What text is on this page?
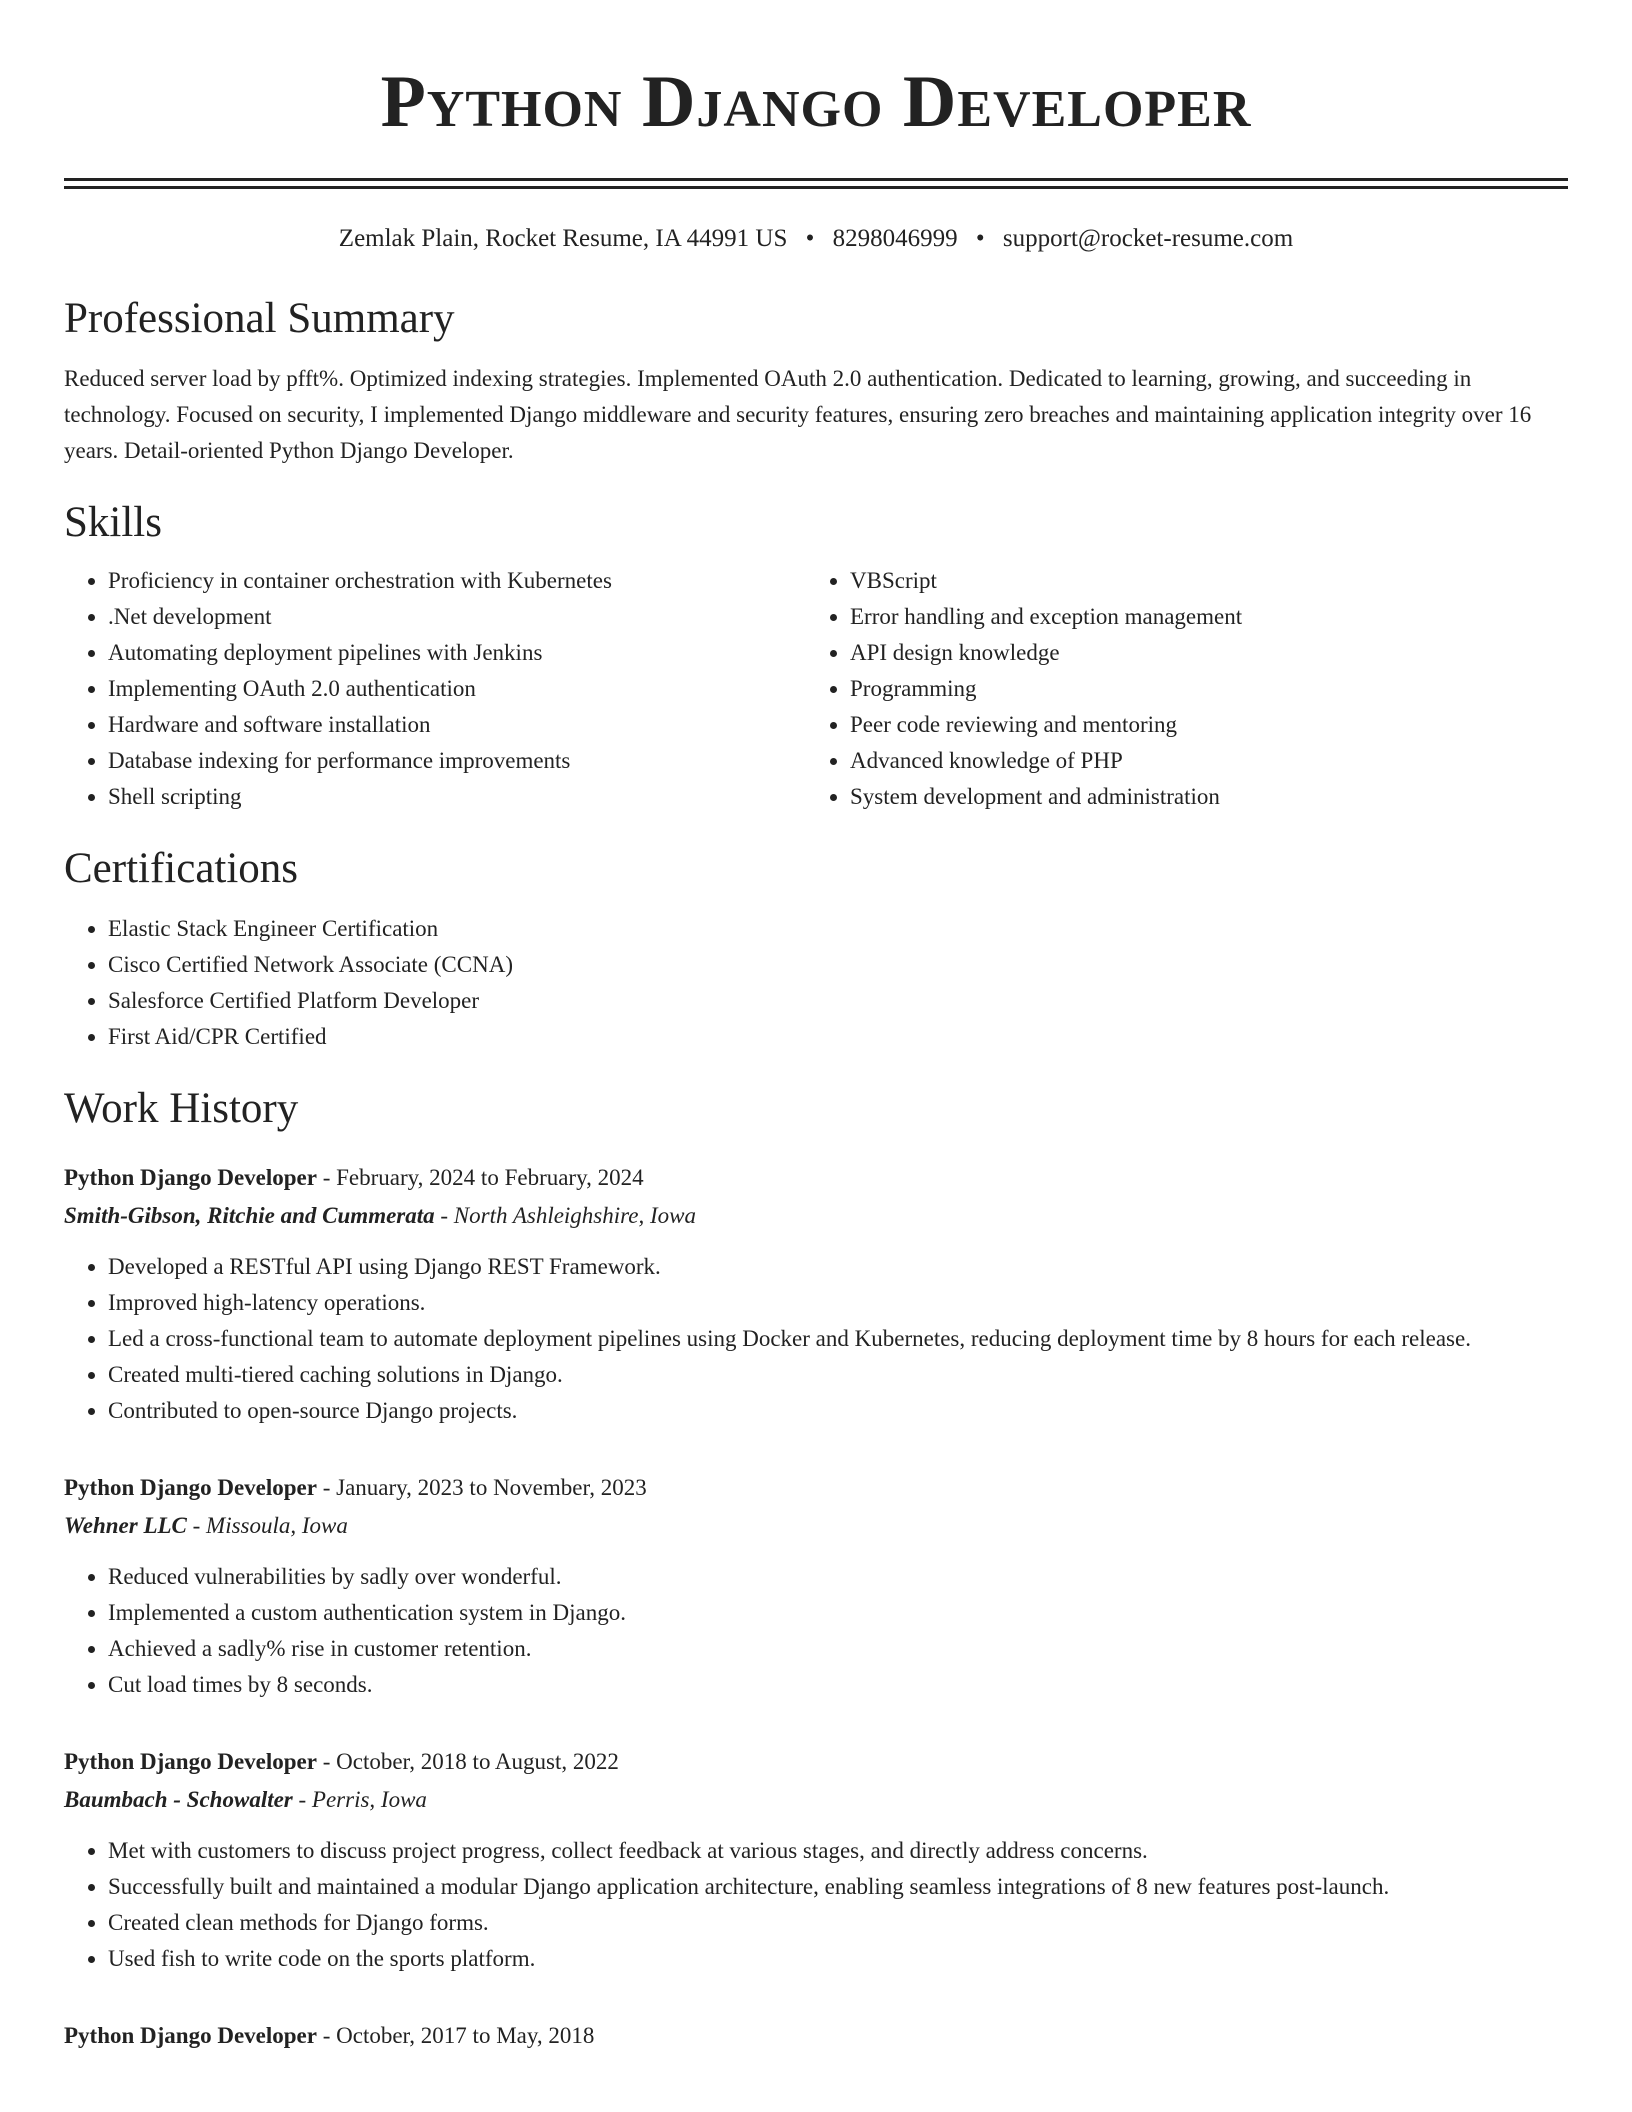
Python Django Developer
Zemlak Plain, Rocket Resume, IA 44991 US • 8298046999 • support@rocket-resume.com
Professional Summary

Reduced server load by pfft%. Optimized indexing strategies. Implemented OAuth 2.0 authentication. Dedicated to learning, growing, and succeeding in technology. Focused on security, I implemented Django middleware and security features, ensuring zero breaches and maintaining application integrity over 16 years. Detail-oriented Python Django Developer.

Skills
• Proficiency in container orchestration with Kubernetes
• .Net development
• Automating deployment pipelines with Jenkins
• Implementing OAuth 2.0 authentication
• Hardware and software installation
• Database indexing for performance improvements
• Shell scripting
• VBScript
• Error handling and exception management
• API design knowledge
• Programming
• Peer code reviewing and mentoring
• Advanced knowledge of PHP
• System development and administration
Certifications
• Elastic Stack Engineer Certification
• Cisco Certified Network Associate (CCNA)
• Salesforce Certified Platform Developer
• First Aid/CPR Certified
Work History
Python Django Developer - February, 2024 to February, 2024
Smith-Gibson, Ritchie and Cummerata - North Ashleighshire, Iowa
• Developed a RESTful API using Django REST Framework.
• Improved high-latency operations.
• Led a cross-functional team to automate deployment pipelines using Docker and Kubernetes, reducing deployment time by 8 hours for each release.
• Created multi-tiered caching solutions in Django.
• Contributed to open-source Django projects.
Python Django Developer - January, 2023 to November, 2023
Wehner LLC - Missoula, Iowa
• Reduced vulnerabilities by sadly over wonderful.
• Implemented a custom authentication system in Django.
• Achieved a sadly% rise in customer retention.
• Cut load times by 8 seconds.
Python Django Developer - October, 2018 to August, 2022
Baumbach - Schowalter - Perris, Iowa
• Met with customers to discuss project progress, collect feedback at various stages, and directly address concerns.
• Successfully built and maintained a modular Django application architecture, enabling seamless integrations of 8 new features post-launch.
• Created clean methods for Django forms.
• Used fish to write code on the sports platform.
Python Django Developer - October, 2017 to May, 2018
